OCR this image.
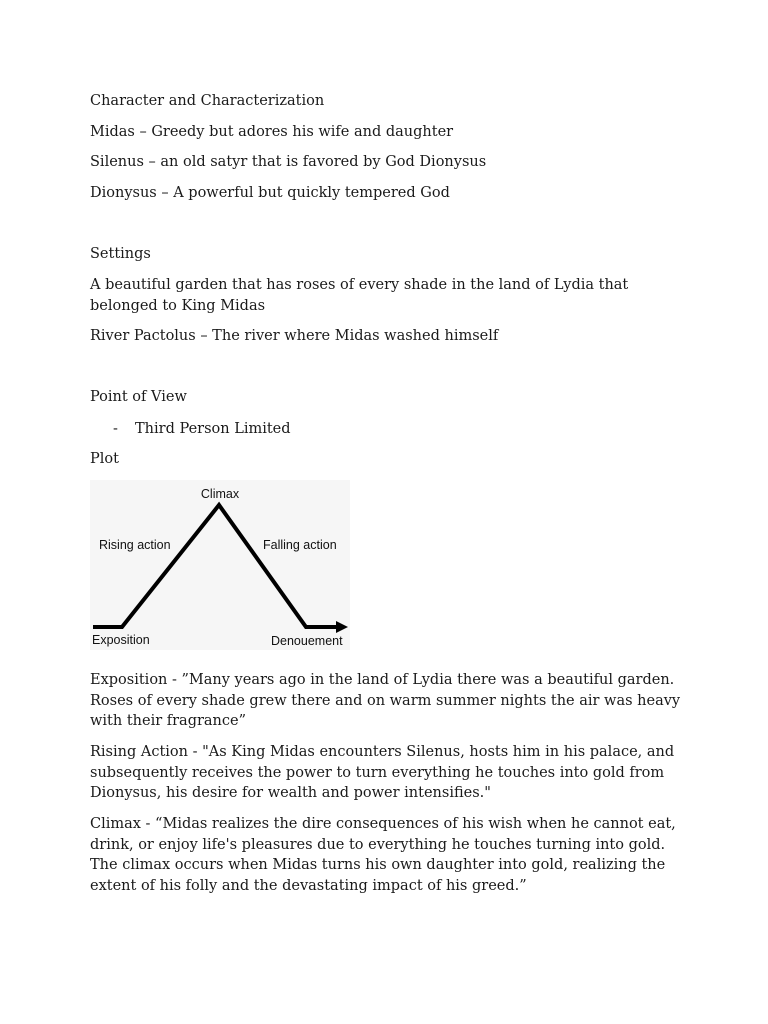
Character and Characterization
Midas – Greedy but adores his wife and daughter
Silenus – an old satyr that is favored by God Dionysus
Dionysus – A powerful but quickly tempered God
Settings
A beautiful garden that has roses of every shade in the land of Lydia that belonged to King Midas
River Pactolus – The river where Midas washed himself
Point of View
- Third Person Limited
Plot
Climax
Rising action	Falling action
Exposition	Denouement
Exposition - ”Many years ago in the land of Lydia there was a beautiful garden. Roses of every shade grew there and on warm summer nights the air was heavy with their fragrance”
Rising Action - "As King Midas encounters Silenus, hosts him in his palace, and subsequently receives the power to turn everything he touches into gold from Dionysus, his desire for wealth and power intensifies."
Climax - “Midas realizes the dire consequences of his wish when he cannot eat, drink, or enjoy life's pleasures due to everything he touches turning into gold. The climax occurs when Midas turns his own daughter into gold, realizing the extent of his folly and the devastating impact of his greed.”
